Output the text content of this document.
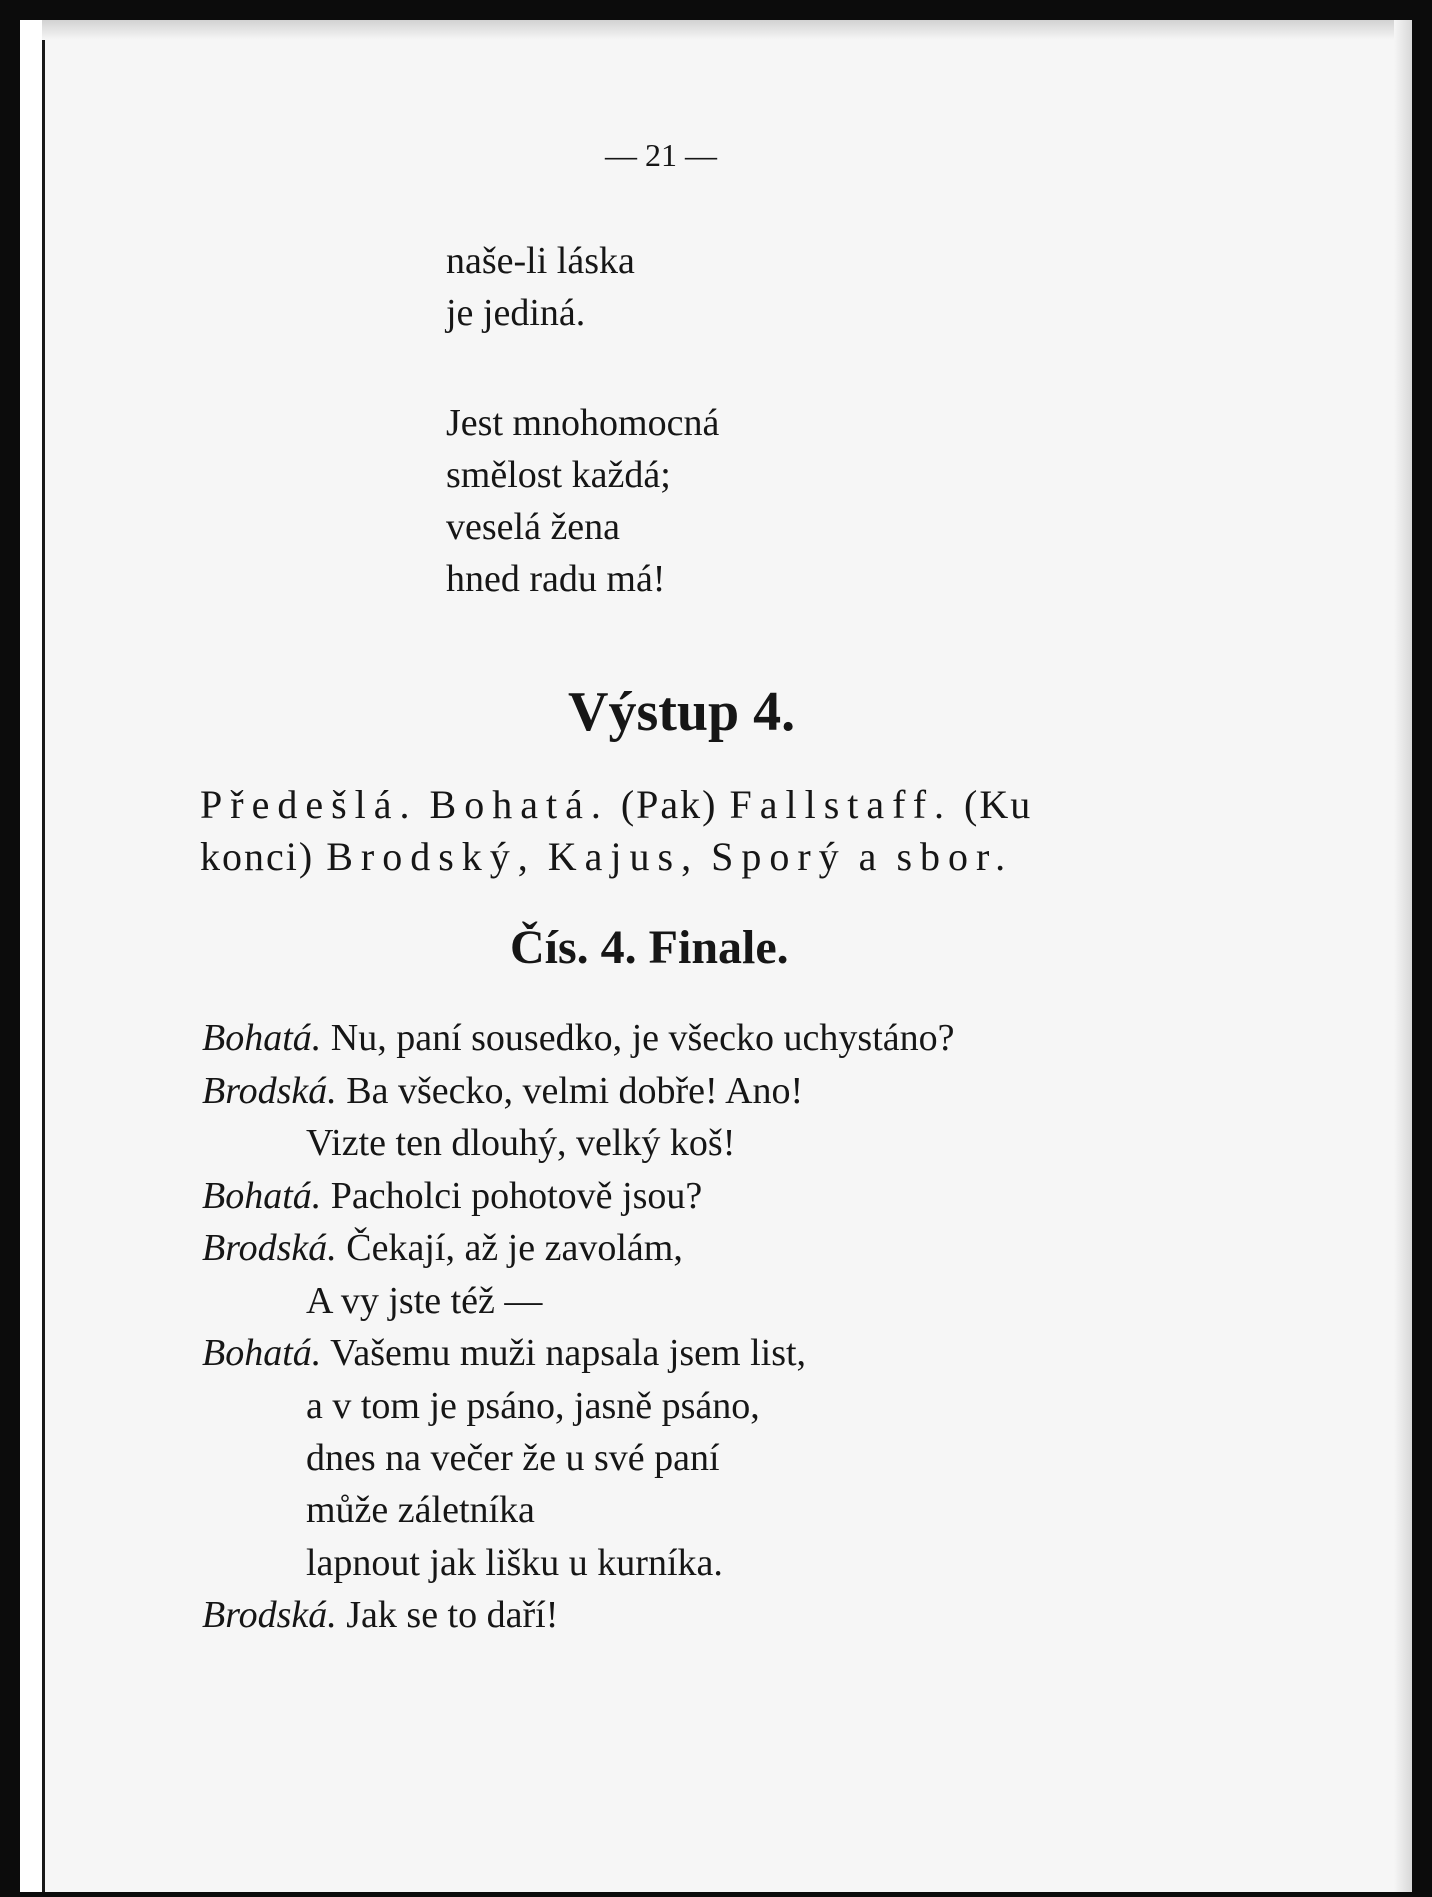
— 21 —
naše-li láska
je jediná.
Jest mnohomocná
smělost každá;
veselá žena
hned radu má!
Výstup 4.
Předešlá. Bohatá. (Pak) Fallstaff. (Ku
konci) Brodský, Kajus, Sporý a sbor.
Čís. 4. Finale.
Bohatá. Nu, paní sousedko, je všecko uchystáno?
Brodská. Ba všecko, velmi dobře! Ano!
Vizte ten dlouhý, velký koš!
Bohatá. Pacholci pohotově jsou?
Brodská. Čekají, až je zavolám,
A vy jste též —
Bohatá. Vašemu muži napsala jsem list,
a v tom je psáno, jasně psáno,
dnes na večer že u své paní
může záletníka
lapnout jak lišku u kurníka.
Brodská. Jak se to daří!
